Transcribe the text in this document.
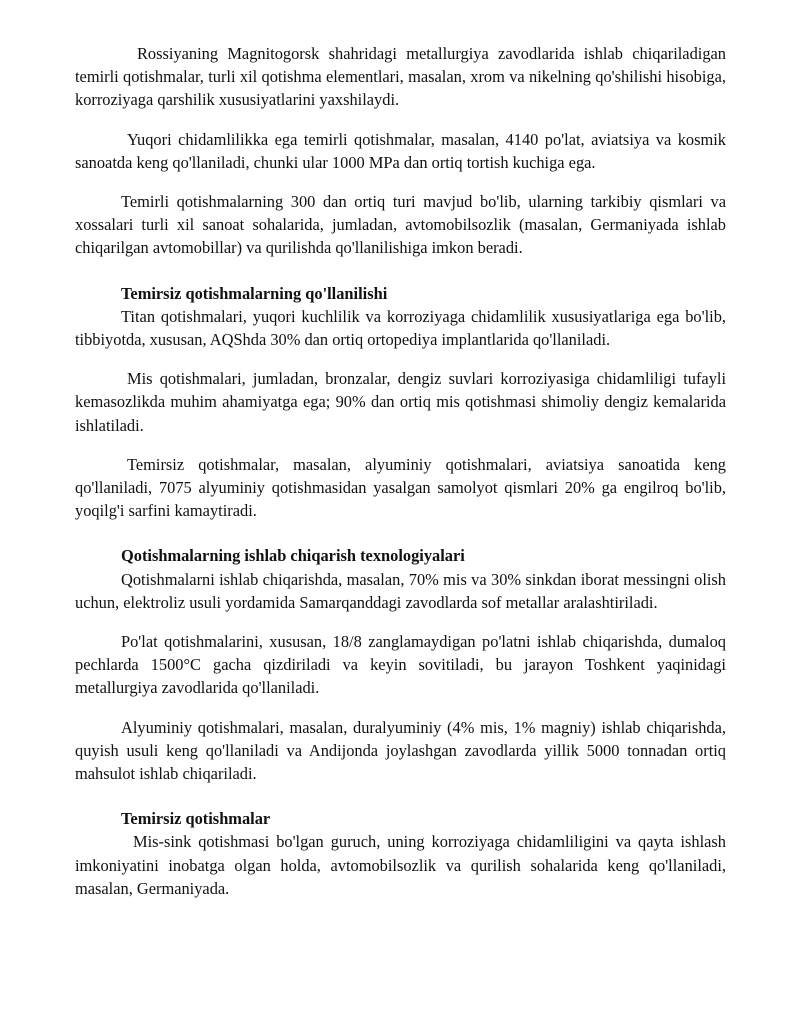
Rossiyaning Magnitogorsk shahridagi metallurgiya zavodlarida ishlab chiqariladigan temirli qotishmalar, turli xil qotishma elementlari, masalan, xrom va nikelning qo'shilishi hisobiga, korroziyaga qarshilik xususiyatlarini yaxshilaydi.

Yuqori chidamlilikka ega temirli qotishmalar, masalan, 4140 po'lat, aviatsiya va kosmik sanoatda keng qo'llaniladi, chunki ular 1000 MPa dan ortiq tortish kuchiga ega.

Temirli qotishmalarning 300 dan ortiq turi mavjud bo'lib, ularning tarkibiy qismlari va xossalari turli xil sanoat sohalarida, jumladan, avtomobilsozlik (masalan, Germaniyada ishlab chiqarilgan avtomobillar) va qurilishda qo'llanilishiga imkon beradi.

Temirsiz qotishmalarning qo'llanilishi

Titan qotishmalari, yuqori kuchlilik va korroziyaga chidamlilik xususiyatlariga ega bo'lib, tibbiyotda, xususan, AQShda 30% dan ortiq ortopediya implantlarida qo'llaniladi.

Mis qotishmalari, jumladan, bronzalar, dengiz suvlari korroziyasiga chidamliligi tufayli kemasozlikda muhim ahamiyatga ega; 90% dan ortiq mis qotishmasi shimoliy dengiz kemalarida ishlatiladi.

Temirsiz qotishmalar, masalan, alyuminiy qotishmalari, aviatsiya sanoatida keng qo'llaniladi, 7075 alyuminiy qotishmasidan yasalgan samolyot qismlari 20% ga engilroq bo'lib, yoqilg'i sarfini kamaytiradi.

Qotishmalarning ishlab chiqarish texnologiyalari

Qotishmalarni ishlab chiqarishda, masalan, 70% mis va 30% sinkdan iborat messingni olish uchun, elektroliz usuli yordamida Samarqanddagi zavodlarda sof metallar aralashtiriladi.

Po'lat qotishmalarini, xususan, 18/8 zanglamaydigan po'latni ishlab chiqarishda, dumaloq pechlarda 1500°C gacha qizdiriladi va keyin sovitiladi, bu jarayon Toshkent yaqinidagi metallurgiya zavodlarida qo'llaniladi.

Alyuminiy qotishmalari, masalan, duralyuminiy (4% mis, 1% magniy) ishlab chiqarishda, quyish usuli keng qo'llaniladi va Andijonda joylashgan zavodlarda yillik 5000 tonnadan ortiq mahsulot ishlab chiqariladi.

Temirsiz qotishmalar

Mis-sink qotishmasi bo'lgan guruch, uning korroziyaga chidamliligini va qayta ishlash imkoniyatini inobatga olgan holda, avtomobilsozlik va qurilish sohalarida keng qo'llaniladi, masalan, Germaniyada.
